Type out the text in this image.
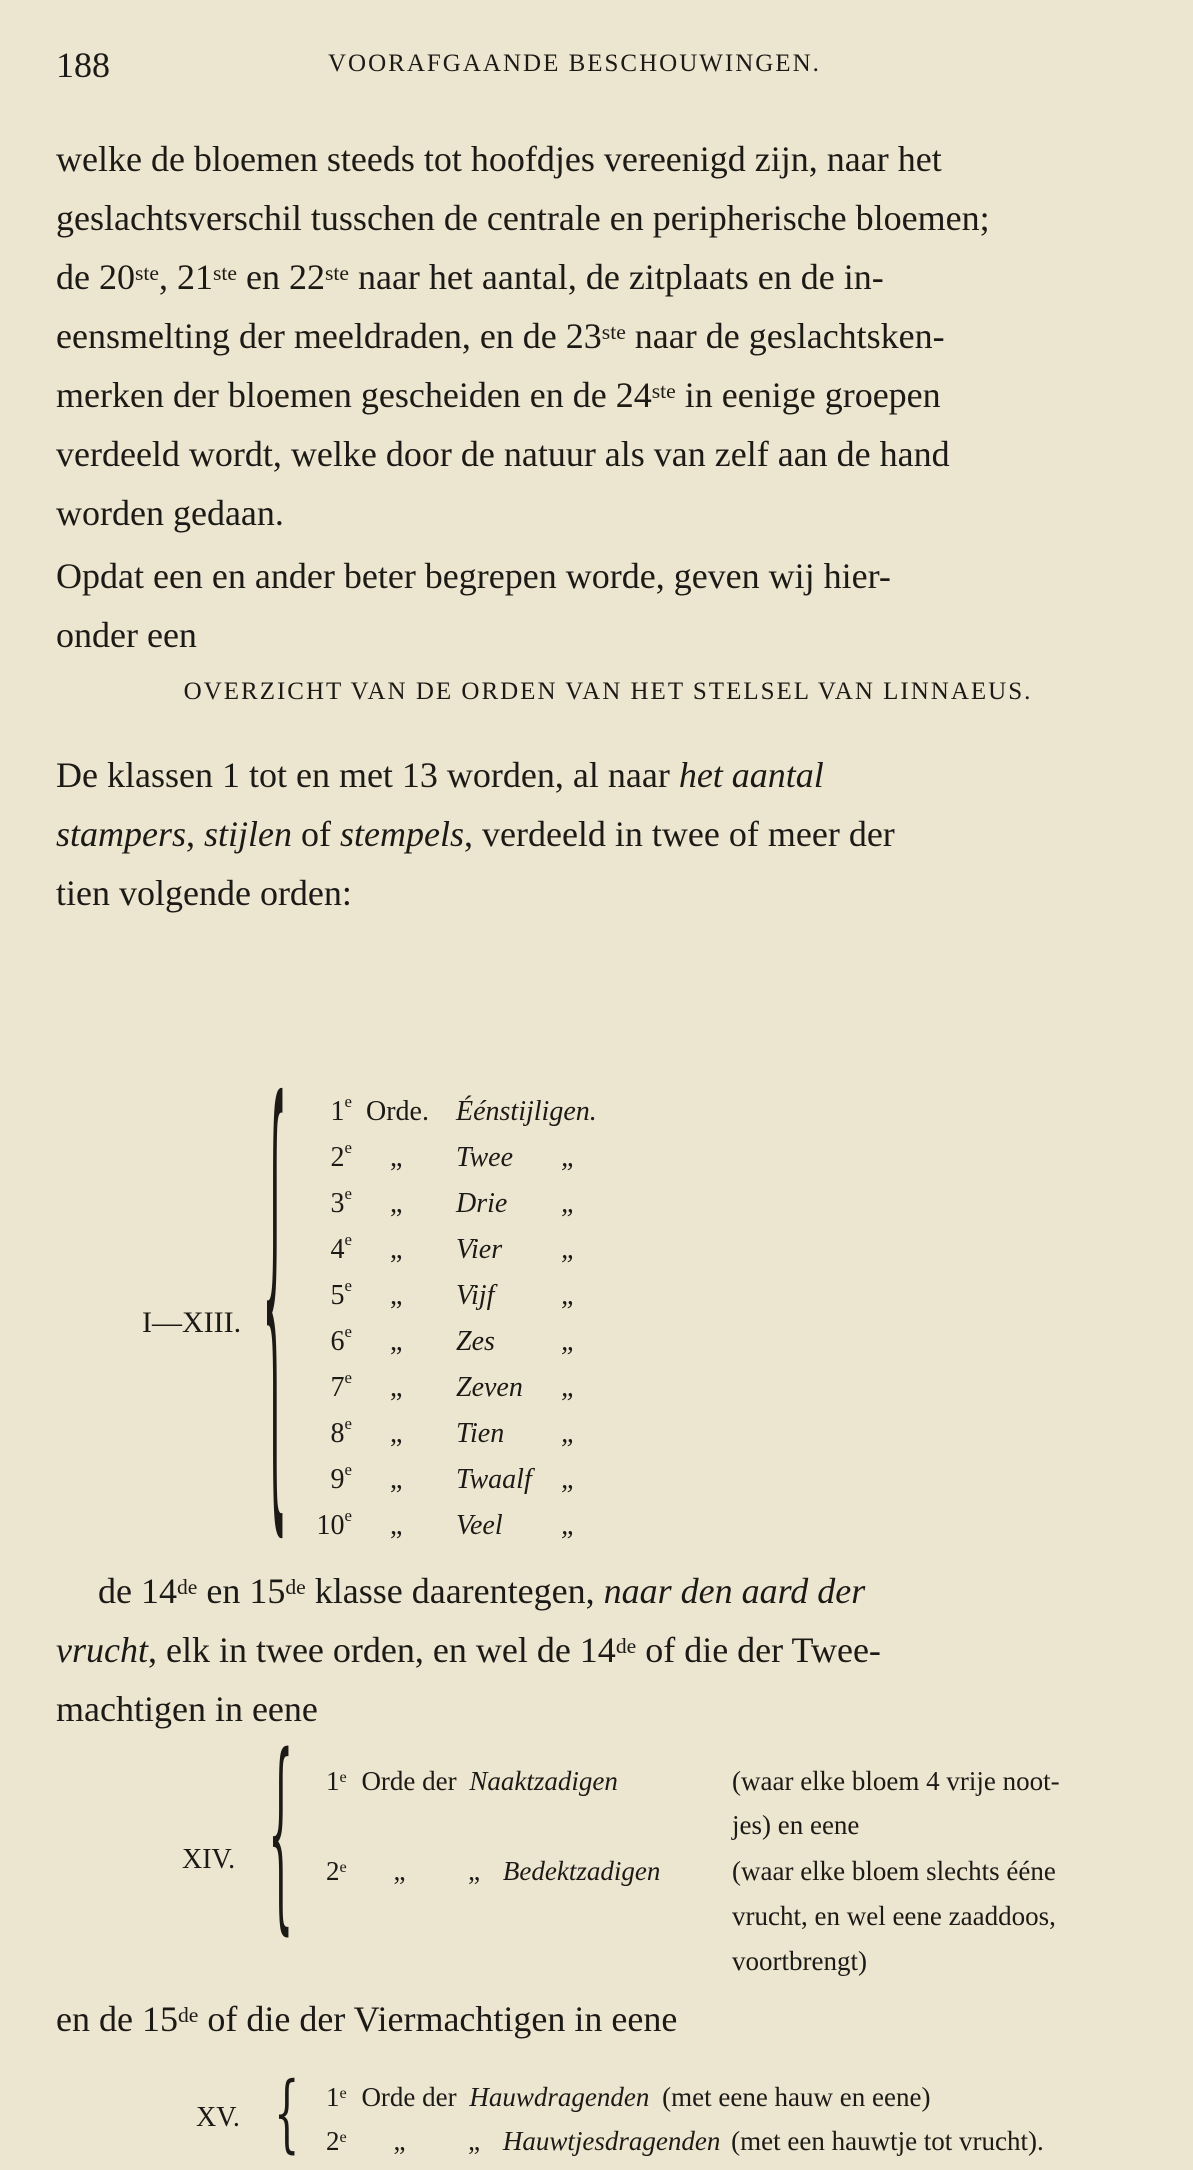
188	VOORAFGAANDE BESCHOUWINGEN.

welke de bloemen steeds tot hoofdjes vereenigd zijn, naar het

geslachtsverschil tusschen de centrale en peripherische bloemen;

de 20ste, 21ste en 22ste naar het aantal, de zitplaats en de in-

eensmelting der meeldraden, en de 23ste naar de geslachtsken-

merken der bloemen gescheiden en de 24ste in eenige groepen

verdeeld wordt, welke door de natuur als van zelf aan de hand

worden gedaan.

Opdat een en ander beter begrepen worde, geven wij hier-

onder een

OVERZICHT VAN DE ORDEN VAN HET STELSEL VAN LINNAEUS.

De klassen 1 tot en met 13 worden, al naar het aantal

stampers, stijlen of stempels, verdeeld in twee of meer der

tien volgende orden:

I—XIII. {	1e Orde. Éénstijligen.
2e „ Twee „
3e „ Drie „
4e „ Vier „
5e „ Vijf „
6e „ Zes „
7e „ Zeven „
8e „ Tien „
9e „ Twaalf „
10e „ Veel „

de 14de en 15de klasse daarentegen, naar den aard der

vrucht, elk in twee orden, en wel de 14de of die der Twee-

machtigen in eene

XIV. { 1e Orde der Naaktzadigen	(waar elke bloem 4 vrije noot-
jes) en eene
2e „ „ Bedektzadigen	(waar elke bloem slechts ééne
vrucht, en wel eene zaaddoos,
voortbrengt)

en de 15de of die der Viermachtigen in eene

XV. { 1e Orde der Hauwdragenden (met eene hauw en eene)
2e „ „ Hauwtjesdragenden (met een hauwtje tot vrucht).
